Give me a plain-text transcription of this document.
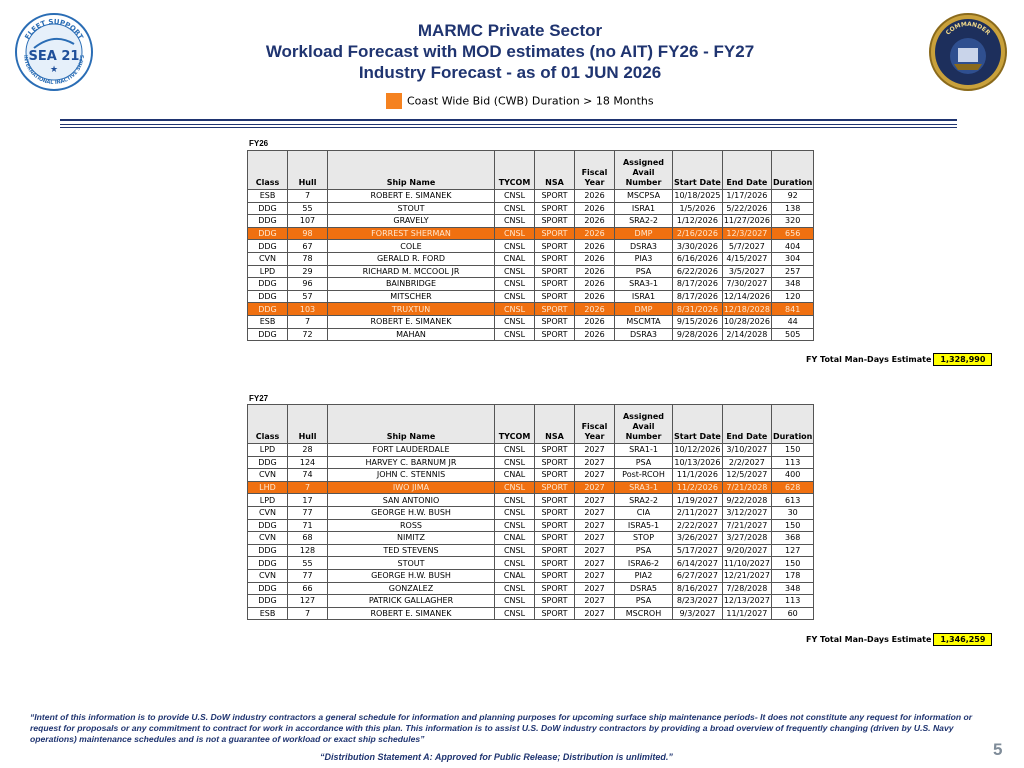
FLEET SUPPORT
INTERNATIONAL INACTIVE SHIPS
SEA 21
★
MARMC Private Sector
Workload Forecast with MOD estimates (no AIT) FY26 - FY27
Industry Forecast - as of 01 JUN 2026
COMMANDER
Coast Wide Bid (CWB) Duration > 18 Months
FY26
Class	Hull	Ship Name	TYCOM	NSA	Fiscal Year	Assigned Avail Number	Start Date	End Date	Duration
ESB	7	ROBERT E. SIMANEK	CNSL	SPORT	2026	MSCPSA	10/18/2025	1/17/2026	92
DDG	55	STOUT	CNSL	SPORT	2026	ISRA1	1/5/2026	5/22/2026	138
DDG	107	GRAVELY	CNSL	SPORT	2026	SRA2-2	1/12/2026	11/27/2026	320
DDG	98	FORREST SHERMAN	CNSL	SPORT	2026	DMP	2/16/2026	12/3/2027	656
DDG	67	COLE	CNSL	SPORT	2026	DSRA3	3/30/2026	5/7/2027	404
CVN	78	GERALD R. FORD	CNAL	SPORT	2026	PIA3	6/16/2026	4/15/2027	304
LPD	29	RICHARD M. MCCOOL JR	CNSL	SPORT	2026	PSA	6/22/2026	3/5/2027	257
DDG	96	BAINBRIDGE	CNSL	SPORT	2026	SRA3-1	8/17/2026	7/30/2027	348
DDG	57	MITSCHER	CNSL	SPORT	2026	ISRA1	8/17/2026	12/14/2026	120
DDG	103	TRUXTUN	CNSL	SPORT	2026	DMP	8/31/2026	12/18/2028	841
ESB	7	ROBERT E. SIMANEK	CNSL	SPORT	2026	MSCMTA	9/15/2026	10/28/2026	44
DDG	72	MAHAN	CNSL	SPORT	2026	DSRA3	9/28/2026	2/14/2028	505
FY Total Man-Days Estimate 1,328,990
FY27
Class	Hull	Ship Name	TYCOM	NSA	Fiscal Year	Assigned Avail Number	Start Date	End Date	Duration
LPD	28	FORT LAUDERDALE	CNSL	SPORT	2027	SRA1-1	10/12/2026	3/10/2027	150
DDG	124	HARVEY C. BARNUM JR	CNSL	SPORT	2027	PSA	10/13/2026	2/2/2027	113
CVN	74	JOHN C. STENNIS	CNAL	SPORT	2027	Post-RCOH	11/1/2026	12/5/2027	400
LHD	7	IWO JIMA	CNSL	SPORT	2027	SRA3-1	11/2/2026	7/21/2028	628
LPD	17	SAN ANTONIO	CNSL	SPORT	2027	SRA2-2	1/19/2027	9/22/2028	613
CVN	77	GEORGE H.W. BUSH	CNSL	SPORT	2027	CIA	2/11/2027	3/12/2027	30
DDG	71	ROSS	CNSL	SPORT	2027	ISRA5-1	2/22/2027	7/21/2027	150
CVN	68	NIMITZ	CNAL	SPORT	2027	STOP	3/26/2027	3/27/2028	368
DDG	128	TED STEVENS	CNSL	SPORT	2027	PSA	5/17/2027	9/20/2027	127
DDG	55	STOUT	CNSL	SPORT	2027	ISRA6-2	6/14/2027	11/10/2027	150
CVN	77	GEORGE H.W. BUSH	CNAL	SPORT	2027	PIA2	6/27/2027	12/21/2027	178
DDG	66	GONZALEZ	CNSL	SPORT	2027	DSRA5	8/16/2027	7/28/2028	348
DDG	127	PATRICK GALLAGHER	CNSL	SPORT	2027	PSA	8/23/2027	12/13/2027	113
ESB	7	ROBERT E. SIMANEK	CNSL	SPORT	2027	MSCROH	9/3/2027	11/1/2027	60
FY Total Man-Days Estimate 1,346,259
“Intent of this information is to provide U.S. DoW industry contractors a general schedule for information and planning purposes for upcoming surface ship maintenance periods- It does not constitute any request for information or request for proposals or any commitment to contract for work in accordance with this plan. This information is to assist U.S. DoW industry contractors by providing a broad overview of frequently changing (driven by U.S. Navy operations) maintenance schedules and is not a guarantee of workload or exact ship schedules”
“Distribution Statement A: Approved for Public Release; Distribution is unlimited.”	5
